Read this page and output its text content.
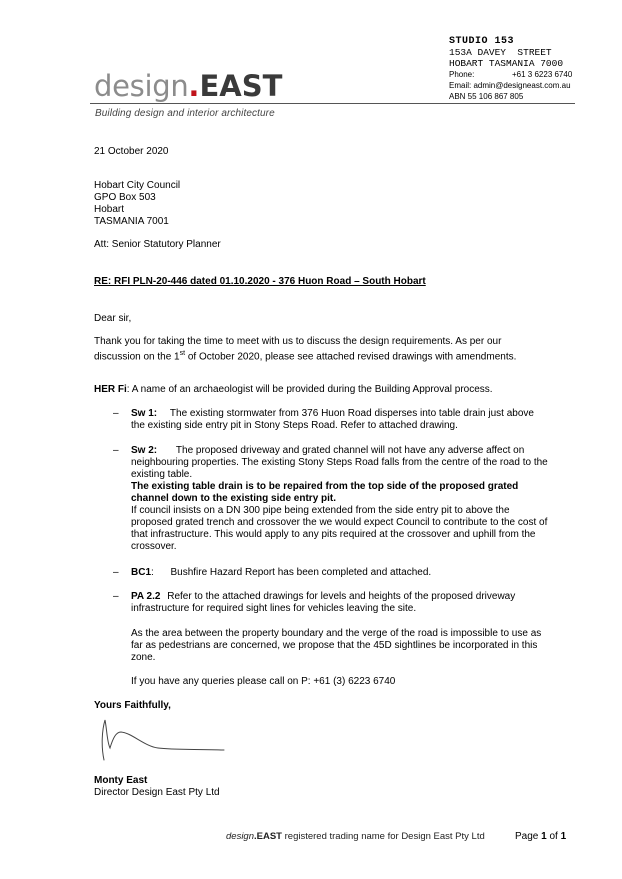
STUDIO 153
153A DAVEY  STREET
HOBART TASMANIA 7000
Phone:	+61 3 6223 6740
Email: admin@designeast.com.au
ABN 55 106 867 805
design.EAST
Building design and interior architecture
21 October 2020
Hobart City Council
GPO Box 503
Hobart
TASMANIA 7001
Att: Senior Statutory Planner
RE: RFI PLN-20-446 dated 01.10.2020 - 376 Huon Road – South Hobart
Dear sir,
Thank you for taking the time to meet with us to discuss the design requirements. As per our
discussion on the 1st of October 2020, please see attached revised drawings with amendments.
HER Fi: A name of an archaeologist will be provided during the Building Approval process.
– Sw 1: The existing stormwater from 376 Huon Road disperses into table drain just above
the existing side entry pit in Stony Steps Road. Refer to attached drawing.
– Sw 2: The proposed driveway and grated channel will not have any adverse affect on
neighbouring properties. The existing Stony Steps Road falls from the centre of the road to the
existing table.
The existing table drain is to be repaired from the top side of the proposed grated
channel down to the existing side entry pit.
If council insists on a DN 300 pipe being extended from the side entry pit to above the
proposed grated trench and crossover the we would expect Council to contribute to the cost of
that infrastructure. This would apply to any pits required at the crossover and uphill from the
crossover.
– BC1:      Bushfire Hazard Report has been completed and attached.
– PA 2.2 Refer to the attached drawings for levels and heights of the proposed driveway
infrastructure for required sight lines for vehicles leaving the site.
As the area between the property boundary and the verge of the road is impossible to use as
far as pedestrians are concerned, we propose that the 45D sightlines be incorporated in this
zone.
If you have any queries please call on P: +61 (3) 6223 6740
Yours Faithfully,
Monty East
Director Design East Pty Ltd
design.EAST registered trading name for Design East Pty Ltd	Page 1 of 1
